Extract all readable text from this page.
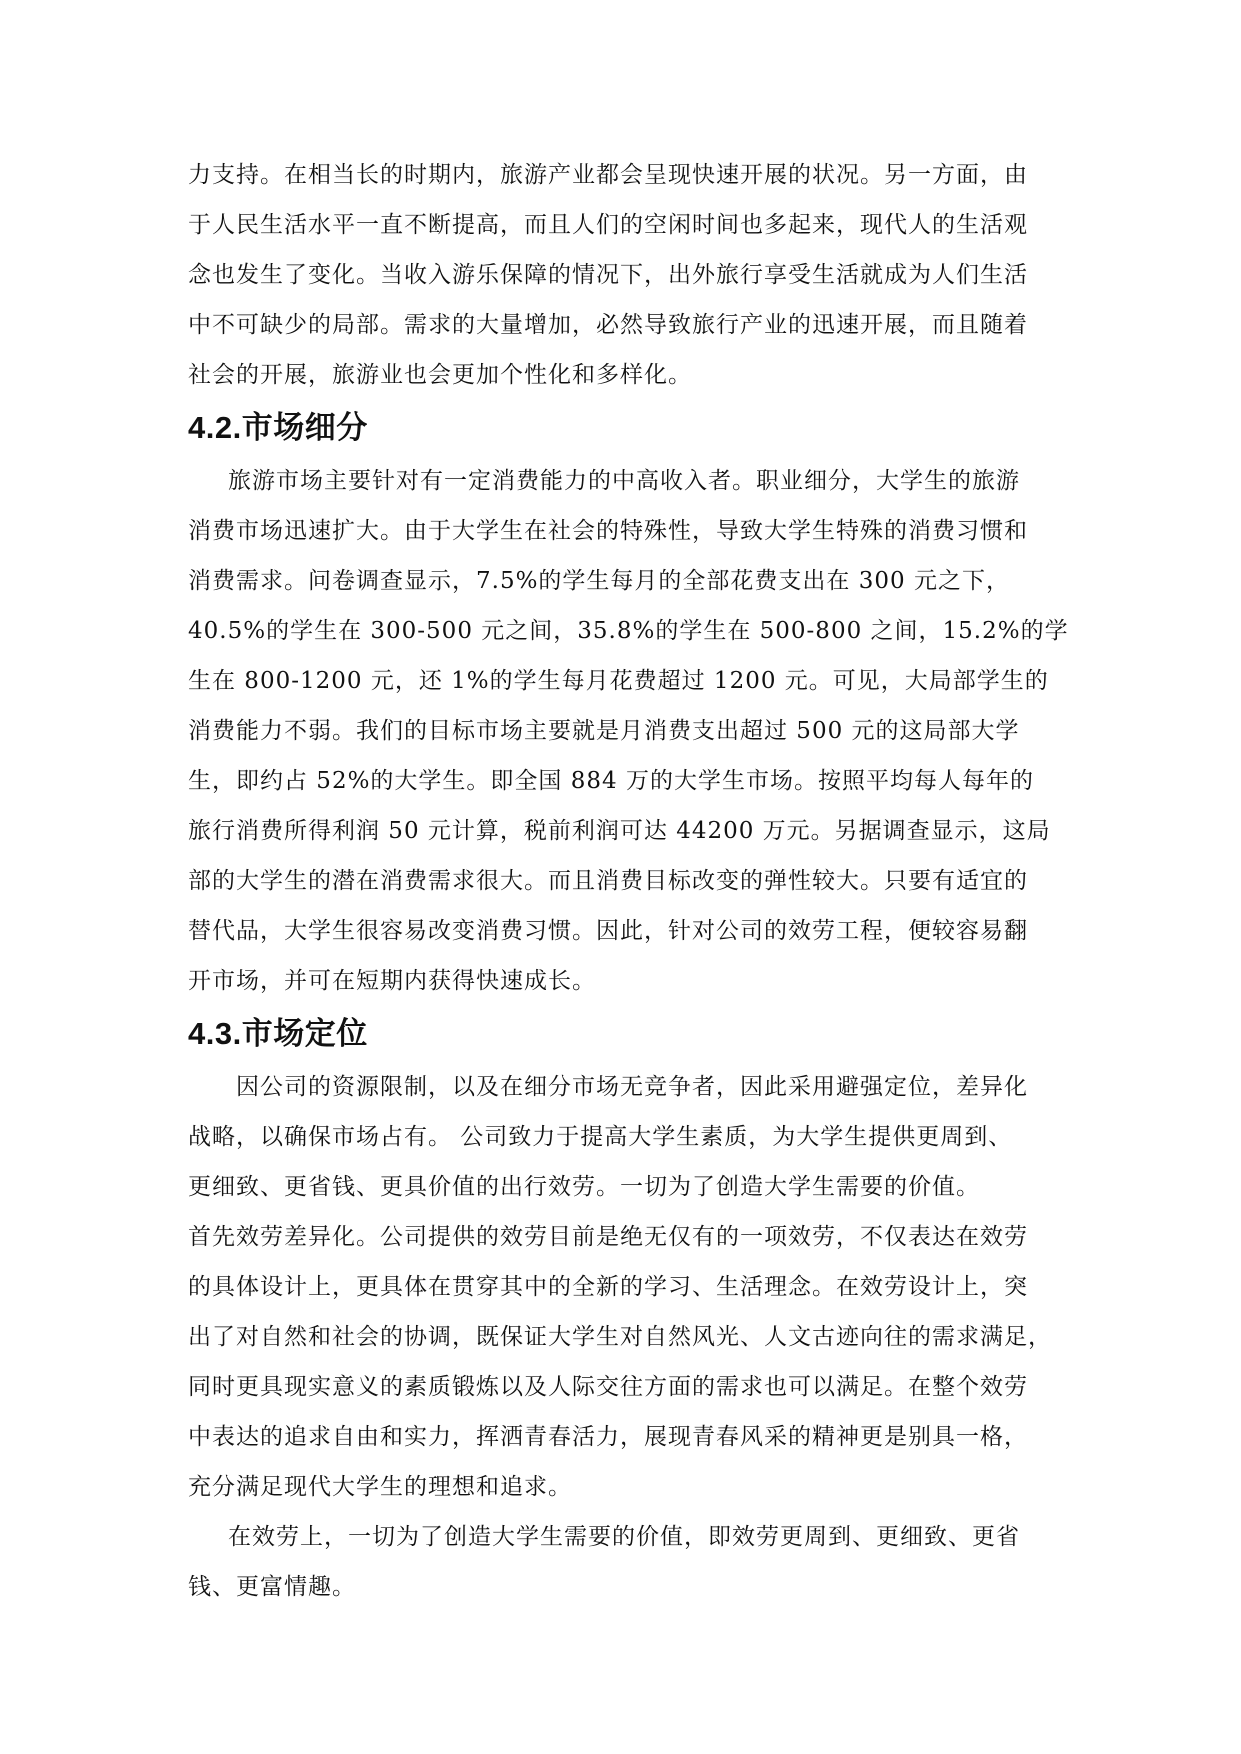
力支持。在相当长的时期内，旅游产业都会呈现快速开展的状况。另一方面，由
于人民生活水平一直不断提高，而且人们的空闲时间也多起来，现代人的生活观
念也发生了变化。当收入游乐保障的情况下，出外旅行享受生活就成为人们生活
中不可缺少的局部。需求的大量增加，必然导致旅行产业的迅速开展，而且随着
社会的开展，旅游业也会更加个性化和多样化。
4.2.市场细分
旅游市场主要针对有一定消费能力的中高收入者。职业细分，大学生的旅游
消费市场迅速扩大。由于大学生在社会的特殊性，导致大学生特殊的消费习惯和
消费需求。问卷调查显示，7.5%的学生每月的全部花费支出在 300 元之下，
40.5%的学生在 300-500 元之间，35.8%的学生在 500-800 之间，15.2%的学
生在 800-1200 元，还 1%的学生每月花费超过 1200 元。可见，大局部学生的
消费能力不弱。我们的目标市场主要就是月消费支出超过 500 元的这局部大学
生，即约占 52%的大学生。即全国 884 万的大学生市场。按照平均每人每年的
旅行消费所得利润 50 元计算，税前利润可达 44200 万元。另据调查显示，这局
部的大学生的潜在消费需求很大。而且消费目标改变的弹性较大。只要有适宜的
替代品，大学生很容易改变消费习惯。因此，针对公司的效劳工程，便较容易翻
开市场，并可在短期内获得快速成长。
4.3.市场定位
因公司的资源限制，以及在细分市场无竞争者，因此采用避强定位，差异化
战略，以确保市场占有。 公司致力于提高大学生素质，为大学生提供更周到、
更细致、更省钱、更具价值的出行效劳。一切为了创造大学生需要的价值。
首先效劳差异化。公司提供的效劳目前是绝无仅有的一项效劳，不仅表达在效劳
的具体设计上，更具体在贯穿其中的全新的学习、生活理念。在效劳设计上，突
出了对自然和社会的协调，既保证大学生对自然风光、人文古迹向往的需求满足，
同时更具现实意义的素质锻炼以及人际交往方面的需求也可以满足。在整个效劳
中表达的追求自由和实力，挥洒青春活力，展现青春风采的精神更是别具一格，
充分满足现代大学生的理想和追求。
在效劳上，一切为了创造大学生需要的价值，即效劳更周到、更细致、更省
钱、更富情趣。
